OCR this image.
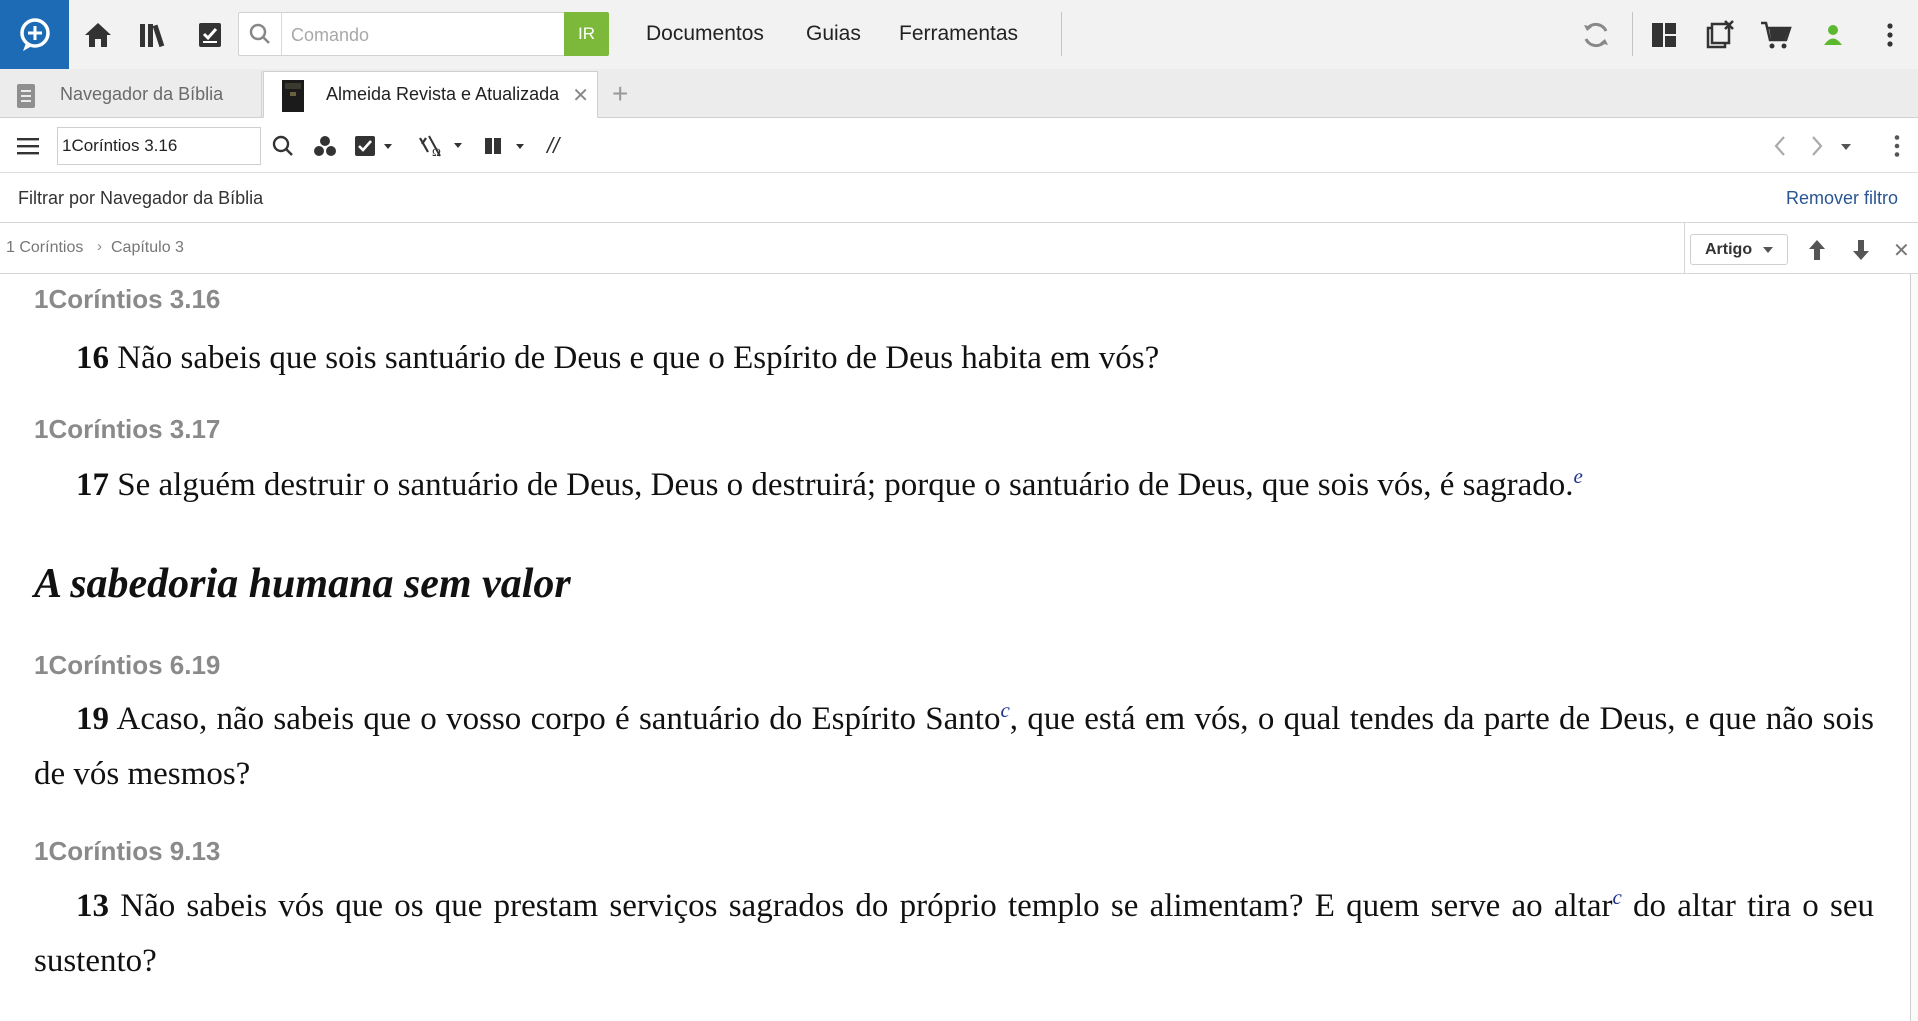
Comando
IR	Documentos Guias Ferramentas
Navegador da Bíblia	Almeida Revista e Atualizada ✕ +
1Coríntios 3.16
Ω	//
Filtrar por Navegador da Bíblia	Remover filtro
1 Coríntios › Capítulo 3	Artigo	✕
1Coríntios 3.16
16 Não sabeis que sois santuário de Deus e que o Espírito de Deus habita em vós?
1Coríntios 3.17
17 Se alguém destruir o santuário de Deus, Deus o destruirá; porque o santuário de Deus, que sois vós, é sagrado.$^e$
A sabedoria humana sem valor
1Coríntios 6.19
19 Acaso, não sabeis que o vosso corpo é santuário do Espírito Santo$^c$, que está em vós, o qual tendes da parte de Deus, e que não sois de vós mesmos?
1Coríntios 9.13
13 Não sabeis vós que os que prestam serviços sagrados do próprio templo se alimentam? E quem serve ao altar$^c$ do altar tira o seu sustento?
